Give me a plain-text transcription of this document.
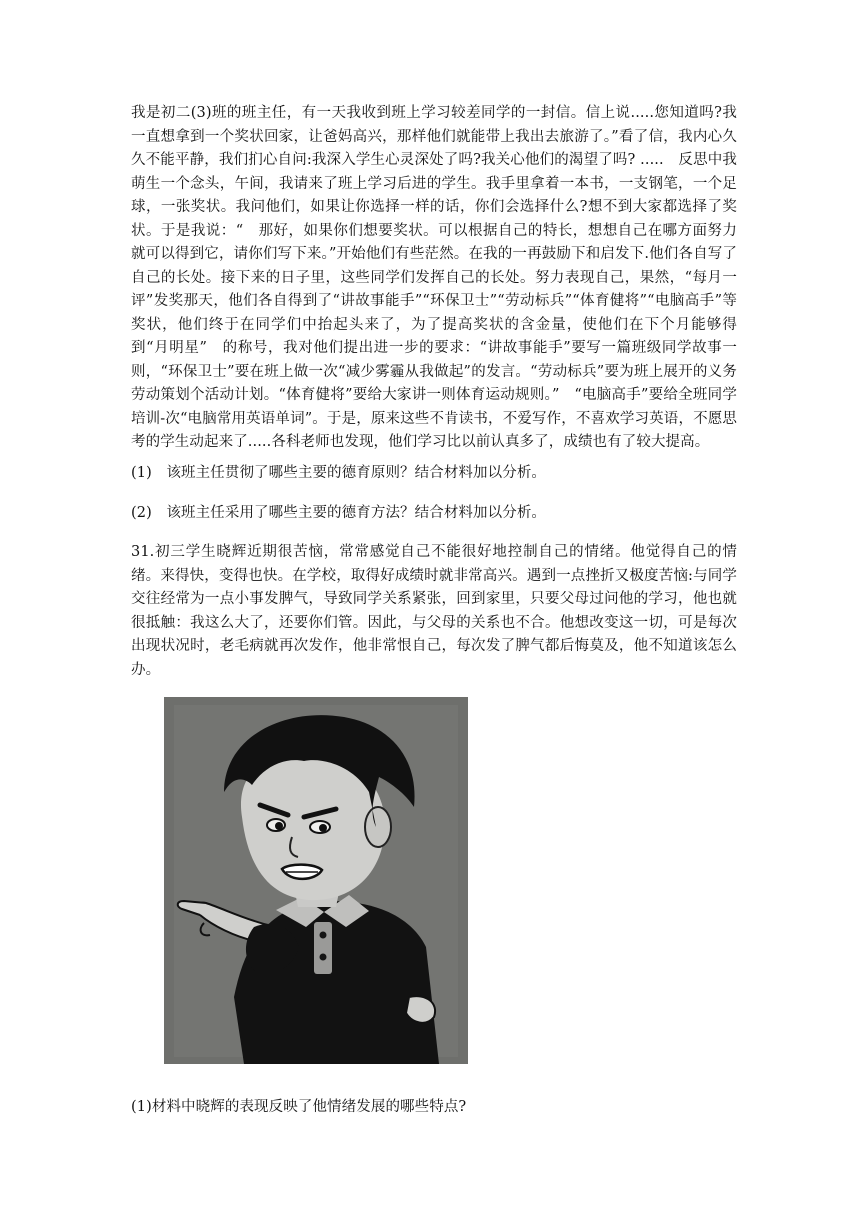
我是初二(3)班的班主任，有一天我收到班上学习较差同学的一封信。信上说.....您知道吗?我一直想拿到一个奖状回家，让爸妈高兴，那样他们就能带上我出去旅游了。”看了信，我内心久久不能平静，我们扪心自问:我深入学生心灵深处了吗?我关心他们的渴望了吗? .....　反思中我萌生一个念头，午间，我请来了班上学习后进的学生。我手里拿着一本书，一支钢笔，一个足球，一张奖状。我问他们，如果让你选择一样的话，你们会选择什么?想不到大家都选择了奖状。于是我说：“　那好，如果你们想要奖状。可以根据自己的特长，想想自己在哪方面努力就可以得到它，请你们写下来。”开始他们有些茫然。在我的一再鼓励下和启发下.他们各自写了自己的长处。接下来的日子里，这些同学们发挥自己的长处。努力表现自己，果然，“每月一评”发奖那天，他们各自得到了“讲故事能手”“环保卫士”“劳动标兵”“体育健将”“电脑高手”等奖状，他们终于在同学们中抬起头来了，为了提高奖状的含金量，使他们在下个月能够得到“月明星”　的称号，我对他们提出进一步的要求：“讲故事能手”要写一篇班级同学故事一则，“环保卫士”要在班上做一次“减少雾霾从我做起”的发言。“劳动标兵”要为班上展开的义务劳动策划个活动计划。“体育健将”要给大家讲一则体育运动规则。”　“电脑高手”要给全班同学培训-次“电脑常用英语单词”。于是，原来这些不肯读书，不爱写作，不喜欢学习英语，不愿思考的学生动起来了.....各科老师也发现，他们学习比以前认真多了，成绩也有了较大提高。

(1)　该班主任贯彻了哪些主要的德育原则？结合材料加以分析。

(2)　该班主任采用了哪些主要的德育方法？结合材料加以分析。

31.初三学生晓辉近期很苦恼，常常感觉自己不能很好地控制自己的情绪。他觉得自己的情绪。来得快，变得也快。在学校，取得好成绩时就非常高兴。遇到一点挫折又极度苦恼:与同学交往经常为一点小事发脾气，导致同学关系紧张，回到家里，只要父母过问他的学习，他也就很抵触：我这么大了，还要你们管。因此，与父母的关系也不合。他想改变这一切，可是每次出现状况时，老毛病就再次发作，他非常恨自己，每次发了脾气都后悔莫及，他不知道该怎么办。

(1)材料中晓辉的表现反映了他情绪发展的哪些特点?
